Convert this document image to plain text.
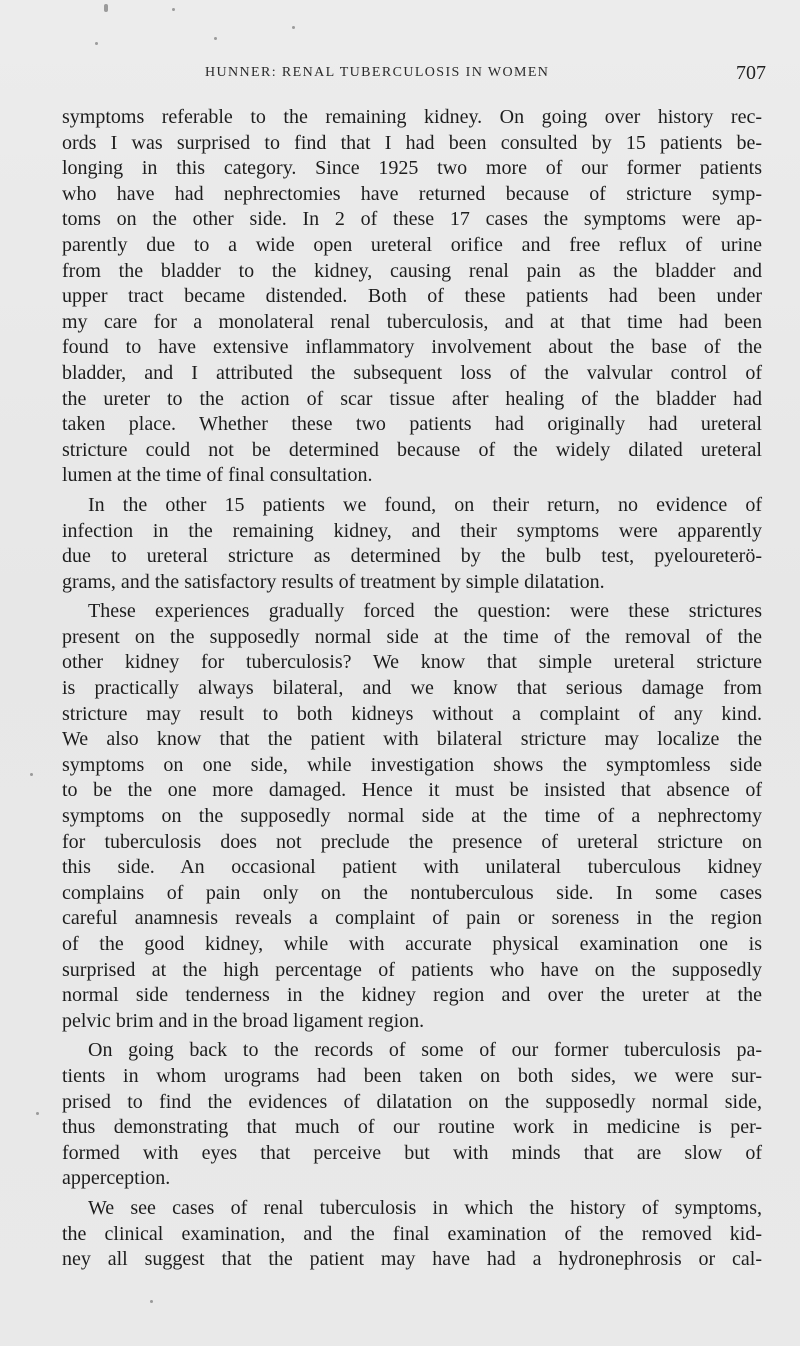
HUNNER: RENAL TUBERCULOSIS IN WOMEN	707
symptoms referable to the remaining kidney. On going over history rec-
ords I was surprised to find that I had been consulted by 15 patients be-
longing in this category. Since 1925 two more of our former patients
who have had nephrectomies have returned because of stricture symp-
toms on the other side. In 2 of these 17 cases the symptoms were ap-
parently due to a wide open ureteral orifice and free reflux of urine
from the bladder to the kidney, causing renal pain as the bladder and
upper tract became distended. Both of these patients had been under
my care for a monolateral renal tuberculosis, and at that time had been
found to have extensive inflammatory involvement about the base of the
bladder, and I attributed the subsequent loss of the valvular control of
the ureter to the action of scar tissue after healing of the bladder had
taken place. Whether these two patients had originally had ureteral
stricture could not be determined because of the widely dilated ureteral
lumen at the time of final consultation.
In the other 15 patients we found, on their return, no evidence of
infection in the remaining kidney, and their symptoms were apparently
due to ureteral stricture as determined by the bulb test, pyeloureterö-
grams, and the satisfactory results of treatment by simple dilatation.
These experiences gradually forced the question: were these strictures
present on the supposedly normal side at the time of the removal of the
other kidney for tuberculosis? We know that simple ureteral stricture
is practically always bilateral, and we know that serious damage from
stricture may result to both kidneys without a complaint of any kind.
We also know that the patient with bilateral stricture may localize the
symptoms on one side, while investigation shows the symptomless side
to be the one more damaged. Hence it must be insisted that absence of
symptoms on the supposedly normal side at the time of a nephrectomy
for tuberculosis does not preclude the presence of ureteral stricture on
this side. An occasional patient with unilateral tuberculous kidney
complains of pain only on the nontuberculous side. In some cases
careful anamnesis reveals a complaint of pain or soreness in the region
of the good kidney, while with accurate physical examination one is
surprised at the high percentage of patients who have on the supposedly
normal side tenderness in the kidney region and over the ureter at the
pelvic brim and in the broad ligament region.
On going back to the records of some of our former tuberculosis pa-
tients in whom urograms had been taken on both sides, we were sur-
prised to find the evidences of dilatation on the supposedly normal side,
thus demonstrating that much of our routine work in medicine is per-
formed with eyes that perceive but with minds that are slow of
apperception.
We see cases of renal tuberculosis in which the history of symptoms,
the clinical examination, and the final examination of the removed kid-
ney all suggest that the patient may have had a hydronephrosis or cal-
